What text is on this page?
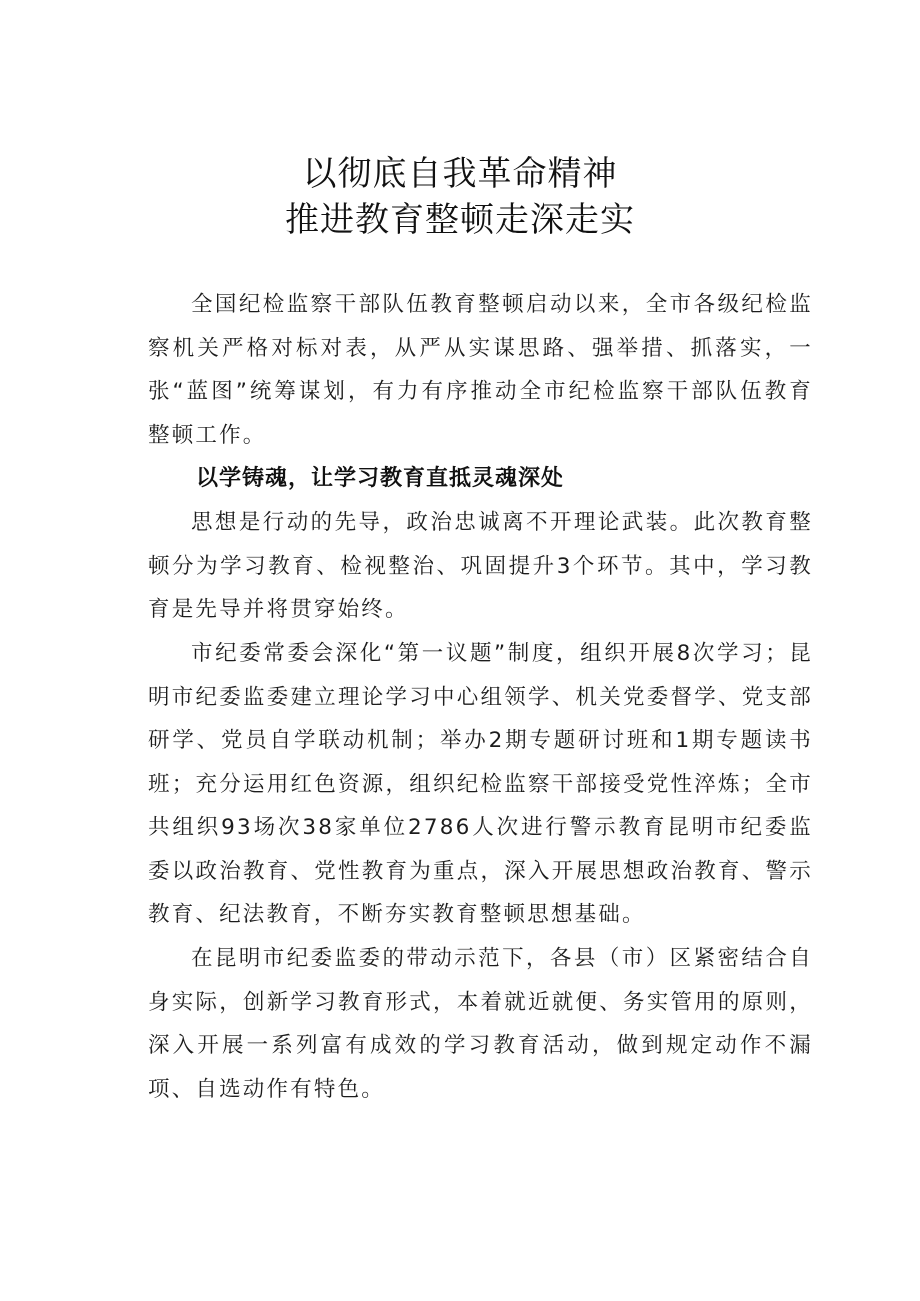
以彻底自我革命精神
推进教育整顿走深走实

全国纪检监察干部队伍教育整顿启动以来，全市各级纪检监察机关严格对标对表，从严从实谋思路、强举措、抓落实，一张“蓝图”统筹谋划，有力有序推动全市纪检监察干部队伍教育整顿工作。

以学铸魂，让学习教育直抵灵魂深处

思想是行动的先导，政治忠诚离不开理论武装。此次教育整顿分为学习教育、检视整治、巩固提升3个环节。其中，学习教育是先导并将贯穿始终。

市纪委常委会深化“第一议题”制度，组织开展8次学习；昆明市纪委监委建立理论学习中心组领学、机关党委督学、党支部研学、党员自学联动机制；举办2期专题研讨班和1期专题读书班；充分运用红色资源，组织纪检监察干部接受党性淬炼；全市共组织93场次38家单位2786人次进行警示教育昆明市纪委监委以政治教育、党性教育为重点，深入开展思想政治教育、警示教育、纪法教育，不断夯实教育整顿思想基础。

在昆明市纪委监委的带动示范下，各县（市）区紧密结合自身实际，创新学习教育形式，本着就近就便、务实管用的原则，深入开展一系列富有成效的学习教育活动，做到规定动作不漏项、自选动作有特色。
